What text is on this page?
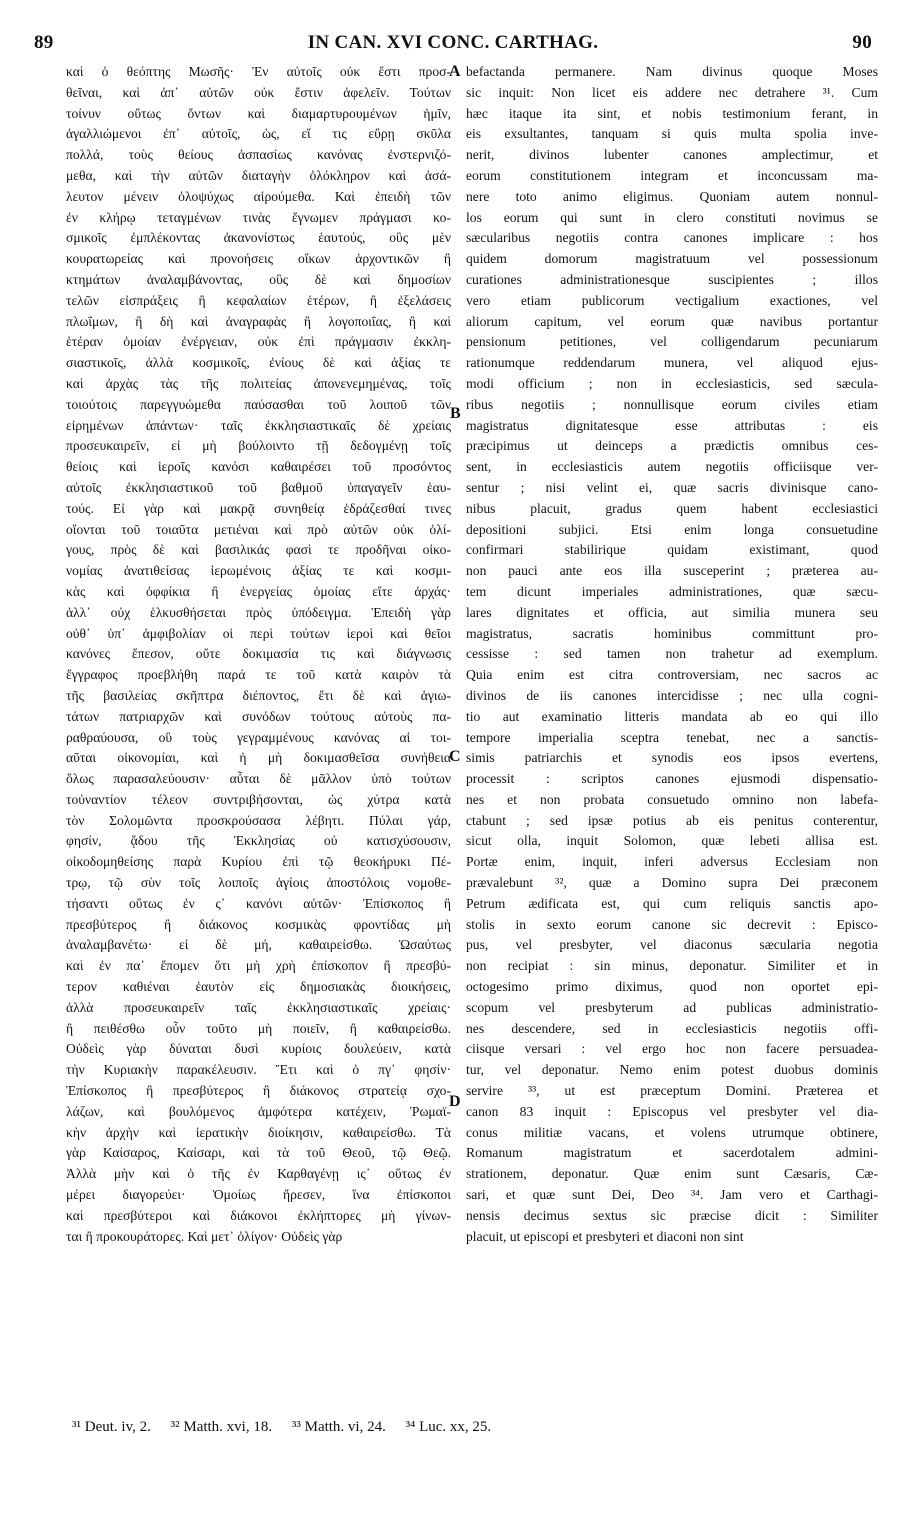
89	IN CAN. XVI CONC. CARTHAG.	90
καὶ ὁ θεόπτης Μωσῆς· Ἐν αὐτοῖς οὐκ ἔστι προσ-
θεῖναι, καὶ ἀπ᾽ αὐτῶν οὐκ ἔστιν ἀφελεῖν. Τούτων
τοίνυν οὕτως ὄντων καὶ διαμαρτυρουμένων ἡμῖν,
ἀγαλλιώμενοι ἐπ᾽ αὐτοῖς, ὡς, εἴ τις εὕρῃ σκῦλα
πολλά, τοὺς θείους ἀσπασίως κανόνας ἐνστερνιζό-
μεθα, καὶ τὴν αὐτῶν διαταγὴν ὁλόκληρον καὶ ἀσά-
λευτον μένειν ὁλοψύχως αἱρούμεθα. Καὶ ἐπειδὴ τῶν
ἐν κλήρῳ τεταγμένων τινὰς ἔγνωμεν πράγμασι κο-
σμικοῖς ἐμπλέκοντας ἀκανονίστως ἑαυτούς, οὓς μὲν
κουρατωρείας καὶ προνοήσεις οἴκων ἀρχοντικῶν ἢ
κτημάτων ἀναλαμβάνοντας, οὓς δὲ καὶ δημοσίων
τελῶν εἰσπράξεις ἢ κεφαλαίων ἑτέρων, ἢ ἐξελάσεις
πλωΐμων, ἢ δὴ καὶ ἀναγραφὰς ἢ λογοποιΐας, ἢ καὶ
ἑτέραν ὁμοίαν ἐνέργειαν, οὐκ ἐπὶ πράγμασιν ἐκκλη-
σιαστικοῖς, ἀλλὰ κοσμικοῖς, ἐνίους δὲ καὶ ἀξίας τε
καὶ ἀρχὰς τὰς τῆς πολιτείας ἀπονενεμημένας, τοῖς
τοιούτοις παρεγγυώμεθα παύσασθαι τοῦ λοιποῦ τῶν
εἰρημένων ἁπάντων· ταῖς ἐκκλησιαστικαῖς δὲ χρείαις
προσευκαιρεῖν, εἰ μὴ βούλοιντο τῇ δεδογμένῃ τοῖς
θείοις καὶ ἱεροῖς κανόσι καθαιρέσει τοῦ προσόντος
αὐτοῖς ἐκκλησιαστικοῦ τοῦ βαθμοῦ ὑπαγαγεῖν ἑαυ-
τούς. Εἰ γὰρ καὶ μακρᾷ συνηθείᾳ ἑδράζεσθαί τινες
οἴονται τοῦ τοιαῦτα μετιέναι καὶ πρὸ αὐτῶν οὐκ ὀλί-
γους, πρὸς δὲ καὶ βασιλικάς φασὶ τε προδῆναι οἰκο-
νομίας ἀνατιθείσας ἱερωμένοις ἀξίας τε καὶ κοσμι-
κὰς καὶ ὀφφίκια ἢ ἐνεργείας ὁμοίας εἴτε ἀρχάς·
ἀλλ᾽ οὐχ ἑλκυσθήσεται πρὸς ὑπόδειγμα. Ἐπειδὴ γὰρ
οὐθ᾽ ὑπ᾽ ἀμφιβολίαν οἱ περὶ τούτων ἱεροὶ καὶ θεῖοι
κανόνες ἔπεσον, οὔτε δοκιμασία τις καὶ διάγνωσις
ἔγγραφος προεβλήθη παρά τε τοῦ κατὰ καιρὸν τὰ
τῆς βασιλείας σκῆπτρα διέποντος, ἔτι δὲ καὶ ἁγιω-
τάτων πατριαρχῶν καὶ συνόδων τούτους αὐτοὺς πα-
ραθραύουσα, οὓ τοὺς γεγραμμένους κανόνας αἱ τοι-
αῦται οἰκονομίαι, καὶ ἡ μὴ δοκιμασθεῖσα συνήθεια
ὅλως παρασαλεύουσιν· αὗται δὲ μᾶλλον ὑπὸ τούτων
τοὐναντίον τέλεον συντριβήσονται, ὡς χύτρα κατὰ
τὸν Σολομῶντα προσκρούσασα λέβητι. Πύλαι γάρ,
φησίν, ᾅδου τῆς Ἐκκλησίας οὐ κατισχύσουσιν,
οἰκοδομηθείσης παρὰ Κυρίου ἐπὶ τῷ θεοκήρυκι Πέ-
τρῳ, τῷ σὺν τοῖς λοιποῖς ἁγίοις ἀποστόλοις νομοθε-
τήσαντι οὕτως ἐν ς᾽ κανόνι αὐτῶν· Ἐπίσκοπος ἢ
πρεσβύτερος ἢ διάκονος κοσμικὰς φροντίδας μὴ
ἀναλαμβανέτω· εἰ δὲ μή, καθαιρείσθω. Ὡσαύτως
καὶ ἐν πα᾽ ἔπομεν ὅτι μὴ χρὴ ἐπίσκοπον ἢ πρεσβύ-
τερον καθιέναι ἑαυτὸν εἰς δημοσιακὰς διοικήσεις,
ἀλλὰ προσευκαιρεῖν ταῖς ἐκκλησιαστικαῖς χρείαις·
ἢ πειθέσθω οὖν τοῦτο μὴ ποιεῖν, ἢ καθαιρείσθω.
Οὐδεὶς γὰρ δύναται δυσὶ κυρίοις δουλεύειν, κατὰ
τὴν Κυριακὴν παρακέλευσιν. Ἔτι καὶ ὁ πγ᾽ φησίν·
Ἐπίσκοπος ἢ πρεσβύτερος ἢ διάκονος στρατείᾳ σχο-
λάζων, καὶ βουλόμενος ἀμφότερα κατέχειν, Ῥωμαϊ-
κὴν ἀρχὴν καὶ ἱερατικὴν διοίκησιν, καθαιρείσθω. Τὰ
γὰρ Καίσαρος, Καίσαρι, καὶ τὰ τοῦ Θεοῦ, τῷ Θεῷ.
Ἀλλὰ μὴν καὶ ὁ τῆς ἐν Καρθαγένῃ ις᾽ οὕτως ἐν
μέρει διαγορεύει· Ὁμοίως ἤρεσεν, ἵνα ἐπίσκοποι
καὶ πρεσβύτεροι καὶ διάκονοι ἐκλήπτορες μὴ γίνων-
ται ἢ προκουράτορες. Καὶ μετ᾽ ὀλίγον· Οὐδεὶς γὰρ
A
B
C
D
befactanda permanere. Nam divinus quoque Moses
sic inquit: Non licet eis addere nec detrahere ³¹. Cum
hæc itaque ita sint, et nobis testimonium ferant, in
eis exsultantes, tanquam si quis multa spolia inve-
nerit, divinos lubenter canones amplectimur, et
eorum constitutionem integram et inconcussam ma-
nere toto animo eligimus. Quoniam autem nonnul-
los eorum qui sunt in clero constituti novimus se
sæcularibus negotiis contra canones implicare : hos
quidem domorum magistratuum vel possessionum
curationes administrationesque suscipientes ; illos
vero etiam publicorum vectigalium exactiones, vel
aliorum capitum, vel eorum quæ navibus portantur
pensionum petitiones, vel colligendarum pecuniarum
rationumque reddendarum munera, vel aliquod ejus-
modi officium ; non in ecclesiasticis, sed sæcula-
ribus negotiis ; nonnullisque eorum civiles etiam
magistratus dignitatesque esse attributas : eis
præcipimus ut deinceps a prædictis omnibus ces-
sent, in ecclesiasticis autem negotiis officiisque ver-
sentur ; nisi velint ei, quæ sacris divinisque cano-
nibus placuit, gradus quem habent ecclesiastici
depositioni subjici. Etsi enim longa consuetudine
confirmari stabilirique quidam existimant, quod
non pauci ante eos illa susceperint ; præterea au-
tem dicunt imperiales administrationes, quæ sæcu-
lares dignitates et officia, aut similia munera seu
magistratus, sacratis hominibus committunt pro-
cessisse : sed tamen non trahetur ad exemplum.
Quia enim est citra controversiam, nec sacros ac
divinos de iis canones intercidisse ; nec ulla cogni-
tio aut examinatio litteris mandata ab eo qui illo
tempore imperialia sceptra tenebat, nec a sanctis-
simis patriarchis et synodis eos ipsos evertens,
processit : scriptos canones ejusmodi dispensatio-
nes et non probata consuetudo omnino non labefa-
ctabunt ; sed ipsæ potius ab eis penitus conterentur,
sicut olla, inquit Solomon, quæ lebeti allisa est.
Portæ enim, inquit, inferi adversus Ecclesiam non
prævalebunt ³², quæ a Domino supra Dei præconem
Petrum ædificata est, qui cum reliquis sanctis apo-
stolis in sexto eorum canone sic decrevit : Episco-
pus, vel presbyter, vel diaconus sæcularia negotia
non recipiat : sin minus, deponatur. Similiter et in
octogesimo primo diximus, quod non oportet epi-
scopum vel presbyterum ad publicas administratio-
nes descendere, sed in ecclesiasticis negotiis offi-
ciisque versari : vel ergo hoc non facere persuadea-
tur, vel deponatur. Nemo enim potest duobus dominis
servire ³³, ut est præceptum Domini. Præterea et
canon 83 inquit : Episcopus vel presbyter vel dia-
conus militiæ vacans, et volens utrumque obtinere,
Romanum magistratum et sacerdotalem admini-
strationem, deponatur. Quæ enim sunt Cæsaris, Cæ-
sari, et quæ sunt Dei, Deo ³⁴. Jam vero et Carthagi-
nensis decimus sextus sic præcise dicit : Similiter
placuit, ut episcopi et presbyteri et diaconi non sint
³¹ Deut. iv, 2. ³² Matth. xvi, 18. ³³ Matth. vi, 24. ³⁴ Luc. xx, 25.
